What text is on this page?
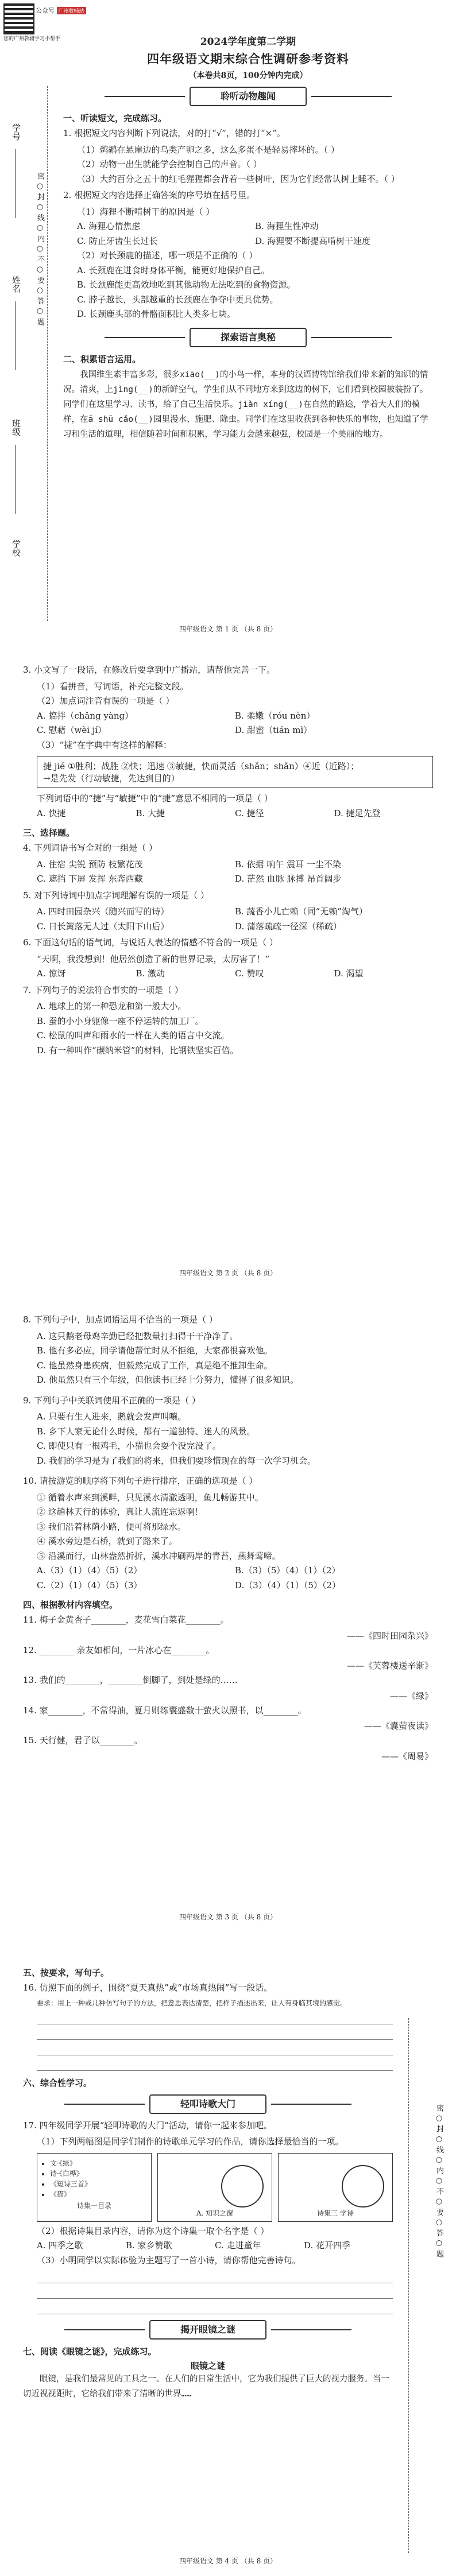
公众号 广州教辅站
您的广州教辅学习小帮手
学号
姓名
班级
学校
密 ○ 封 ○ 线 ○ 内 ○ 不 ○ 要 ○ 答 ○ 题
2024学年度第二学期
四年级语文期末综合性调研参考资料
（本卷共8页，100分钟内完成）
聆听动物趣闻
一、听读短文，完成练习。
1. 根据短文内容判断下列说法，对的打“√”，错的打“×”。
（1）鹈鹕在悬崖边的乌类产卵之多，这么多蛋不是轻易摔坏的。（ ）
（2）动物一出生就能学会控制自己的声音。（ ）
（3）大约百分之五十的红毛猩猩都会背着一些树叶，因为它们经常认树上睡不。（ ）
2. 根据短文内容选择正确答案的序号填在括号里。
（1）海狸不断啃树干的原因是（ ）
A. 海狸心情焦虑	B. 海狸生性冲动
C. 防止牙齿生长过长	D. 海狸要不断提高啃树干速度
（2）对长颈鹿的描述，哪一项是不正确的（ ）
A. 长颈鹿在进食时身体平衡，能更好地保护自己。
B. 长颈鹿能更高效地吃到其他动物无法吃到的食物资源。
C. 脖子越长，头部越重的长颈鹿在争夺中更具优势。
D. 长颈鹿头部的骨骼面积比人类多七块。
探索语言奥秘
二、积累语言运用。
我国维生素丰富多彩，很多xiāo(__)的小鸟一样，本身的汉语博物馆给我们带来新的知识的情况。清爽，上jìng(__)的新鲜空气，学生们从不同地方来到这边的树下，它们看到校园被装扮了。同学们在这里学习、读书，给了自己生活快乐。jiàn xíng(__)在自然的路途，学着大人们的模样，在ā shū cǎo(__)园里漫水、施肥、除虫。同学们在这里收获到各种快乐的事物，也知道了学习和生活的道理，相信随着时间和积累，学习能力会越来越强，校园是一个美丽的地方。
四年级语文 第 1 页 （共 8 页）
3. 小文写了一段话，在修改后要拿到中广播站，请帮他完善一下。
（1）看拼音，写词语，补充完整文段。
（2）加点词注音有误的一项是（ ）
A. 搞拌（chǎng yàng）	B. 柔嫩（róu nèn）
C. 慰藉（wèi jí）	D. 甜蜜（tián mì）
（3）“捷”在字典中有这样的解释：
捷 jié ①胜利；战胜 ②快；迅速 ③敏捷，快而灵活（shǎn；shǎn）④近（近路）；
→是先发（行动敏捷，先达到目的）
下列词语中的“捷”与“敏捷”中的“捷”意思不相同的一项是（ ）
A. 快捷	B. 大捷	C. 捷径	D. 捷足先登
三、选择题。
4. 下列词语书写全对的一组是（ ）
A. 住宿 尖锐 预防 枝繁花茂	B. 依据 响午 震耳 一尘不染
C. 遮挡 下屏 发挥 东奔西藏	D. 茫然 血脉 脉搏 昂首阔步
5. 对下列诗词中加点字词理解有误的一项是（ ）
A. 四时田园杂兴（随兴而写的诗）	B. 蔬香小儿亡赖（同“无赖”淘气）
C. 日长篱落无人过（太阳下山后）	D. 蒲落疏疏一径深（稀疏）
6. 下面这句话的语气词，与说话人表达的情感不符合的一项是（ ）
“天啊，我没想到！他居然创造了新的世界记录，太厉害了！”
A. 惊讶	B. 激动	C. 赞叹	D. 渴望
7. 下列句子的说法符合事实的一项是（ ）
A. 地球上的第一种恐龙和第一般大小。
B. 蚕的小小身躯像一座不停运转的加工厂。
C. 松鼠的叫声和雨水的一样在人类的语言中交流。
D. 有一种叫作“碳纳米管”的材料，比钢铁坚实百倍。
四年级语文 第 2 页 （共 8 页）
8. 下列句子中，加点词语运用不恰当的一项是（ ）
A. 这只鹅老母鸡辛勤已经把数量打扫得干干净净了。
B. 他有多必应，同学请他帮忙时从不拒绝，大家都很喜欢他。
C. 他虽然身患疾病，但毅然完成了工作，真是绝不推卸生命。
D. 他虽然只有三个年级，但他读书已经十分努力，懂得了很多知识。
9. 下列句子中关联词使用不正确的一项是（ ）
A. 只要有生人进来，鹅就会发声叫嚷。
B. 乡下人家无论什么时候，都有一道独特、迷人的风景。
C. 即使只有一根鸡毛，小猫也会耍个没完没了。
D. 我们的学习是为了我们的将来，但我们要珍惜现在的每一次学习机会。
10. 请按游览的顺序将下列句子进行排序，正确的选项是（ ）
① 循着水声来到溪畔，只见溪水清澈透明，鱼儿畅游其中。
② 这趟林天行的体验，真让人流连忘返啊！
③ 我们沿着林荫小路，便可将那绿水。
④ 溪水旁边是石桥，就到了路来了。
⑤ 沿溪而行，山林盎然折折，溪水冲刷两岸的青苔，燕舞莺啼。
A.（3）（1）（4）（5）（2）	B.（3）（5）（4）（1）（2）
C.（2）（1）（4）（5）（3）	D.（3）（4）（1）（5）（2）
四、根据教材内容填空。
11. 梅子金黄杏子________，麦花雪白菜花________。
——《四时田园杂兴》
12. ________ 亲友如相问，一片冰心在________。
——《芙蓉楼送辛渐》
13. 我们的________，________倒脚了，到处是绿的……
——《绿》
14. 家________，不常得油，夏月则练囊盛数十萤火以照书，以________。
——《囊萤夜读》
15. 天行健，君子以________。
——《周易》
四年级语文 第 3 页 （共 8 页）
密 ○ 封 ○ 线 ○ 内 ○ 不 ○ 要 ○ 答 ○ 题
五、按要求，写句子。
16. 仿照下面的例子，围绕“夏天真热”或“市场真热闹”写一段话。
要求：用上一种或几种仿写句子的方法，把意思表达清楚，把样子描述出来，让人有身临其境的感觉。
六、综合性学习。
轻叩诗歌大门
17. 四年级同学开展“轻叩诗歌的大门”活动，请你一起来参加吧。
（1）下列两幅图是同学们制作的诗歌单元学习的作品，请你选择最恰当的一项。
• 文·《绿》
• 诗·《白桦》
• 《短诗三首》
• 《猫》
诗集一目录
A. 知识之窗	诗集三 学诗
（2）根据诗集目录内容，请你为这个诗集一取个名字是（ ）
A. 四季之歌	B. 家乡赞歌	C. 走进童年	D. 花开四季
（3）小明同学以实际体验为主题写了一首小诗，请你帮他完善诗句。
揭开眼镜之谜
七、阅读《眼镜之谜》，完成练习。
眼镜之谜
眼镜，是我们最常见的工具之一。在人们的日常生活中，它为我们提供了巨大的视力服务。当一切近视视距时，它给我们带来了清晰的世界……
四年级语文 第 4 页 （共 8 页）
